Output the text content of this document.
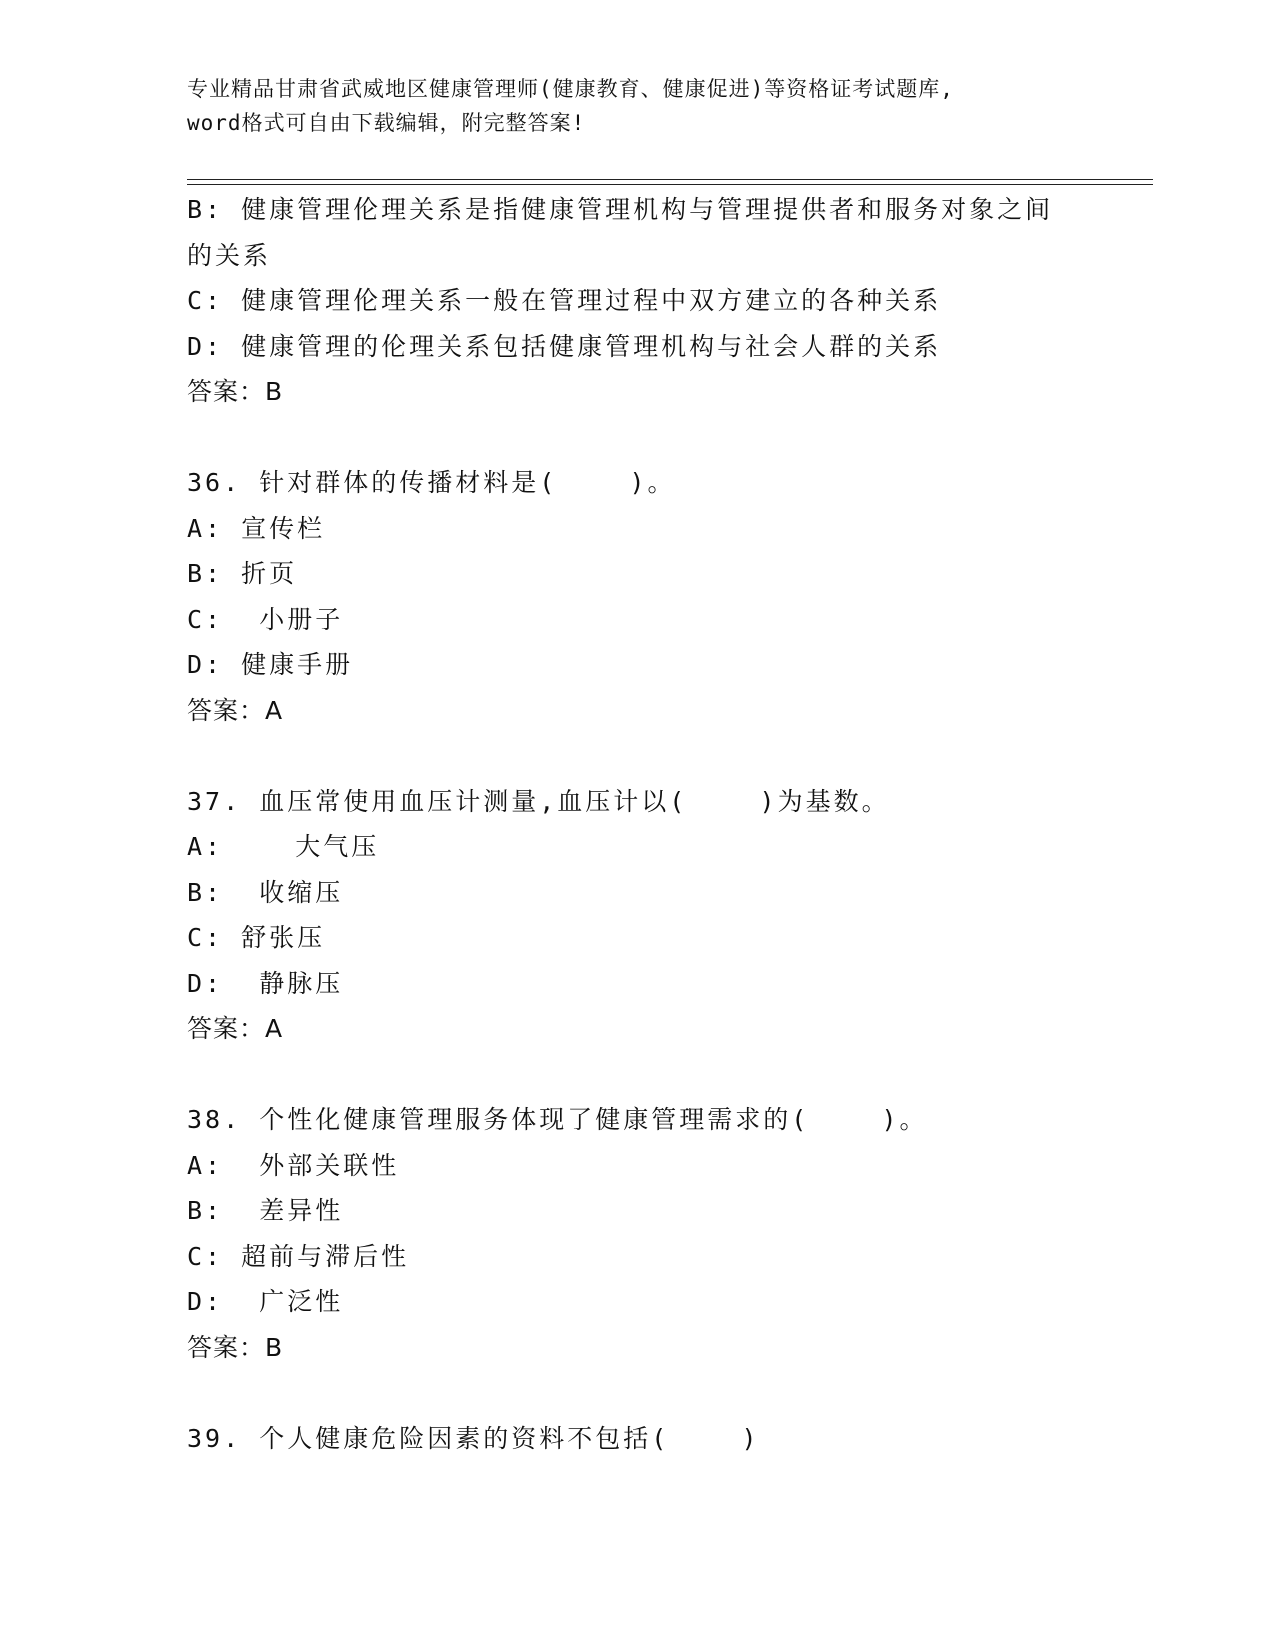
专业精品甘肃省武威地区健康管理师(健康教育、健康促进)等资格证考试题库,
word格式可自由下载编辑，附完整答案!
B: 健康管理伦理关系是指健康管理机构与管理提供者和服务对象之间
的关系
C: 健康管理伦理关系一般在管理过程中双方建立的各种关系
D: 健康管理的伦理关系包括健康管理机构与社会人群的关系
答案：B
36. 针对群体的传播材料是(    )。
A: 宣传栏
B: 折页
C:  小册子
D: 健康手册
答案：A
37. 血压常使用血压计测量,血压计以(    )为基数。
A:    大气压
B:  收缩压
C: 舒张压
D:  静脉压
答案：A
38. 个性化健康管理服务体现了健康管理需求的(    )。
A:  外部关联性
B:  差异性
C: 超前与滞后性
D:  广泛性
答案：B
39. 个人健康危险因素的资料不包括(    )
